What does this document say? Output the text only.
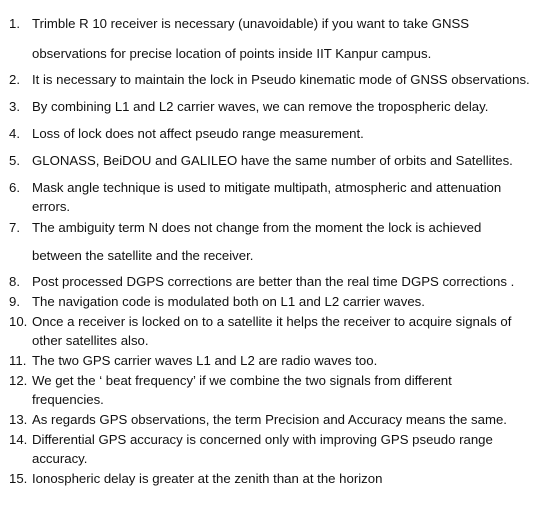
1. Trimble R 10 receiver is necessary (unavoidable) if you want to take GNSS
observations for precise location of points inside IIT Kanpur campus.
2. It is necessary to maintain the lock in Pseudo kinematic mode of GNSS observations.
3. By combining L1 and L2 carrier waves, we can remove the tropospheric delay.
4. Loss of lock does not affect pseudo range measurement.
5. GLONASS, BeiDOU and GALILEO have the same number of orbits and Satellites.
6. Mask angle technique is used to mitigate multipath, atmospheric and attenuation
errors.
7. The ambiguity term N does not change from the moment the lock is achieved
between the satellite and the receiver.
8. Post processed DGPS corrections are better than the real time DGPS corrections .
9. The navigation code is modulated both on L1 and L2 carrier waves.
10. Once a receiver is locked on to a satellite it helps the receiver to acquire signals of
other satellites also.
11. The two GPS carrier waves L1 and L2 are radio waves too.
12. We get the ‘ beat frequency’ if we combine the two signals from different
frequencies.
13. As regards GPS observations, the term Precision and Accuracy means the same.
14. Differential GPS accuracy is concerned only with improving GPS pseudo range
accuracy.
15. Ionospheric delay is greater at the zenith than at the horizon
